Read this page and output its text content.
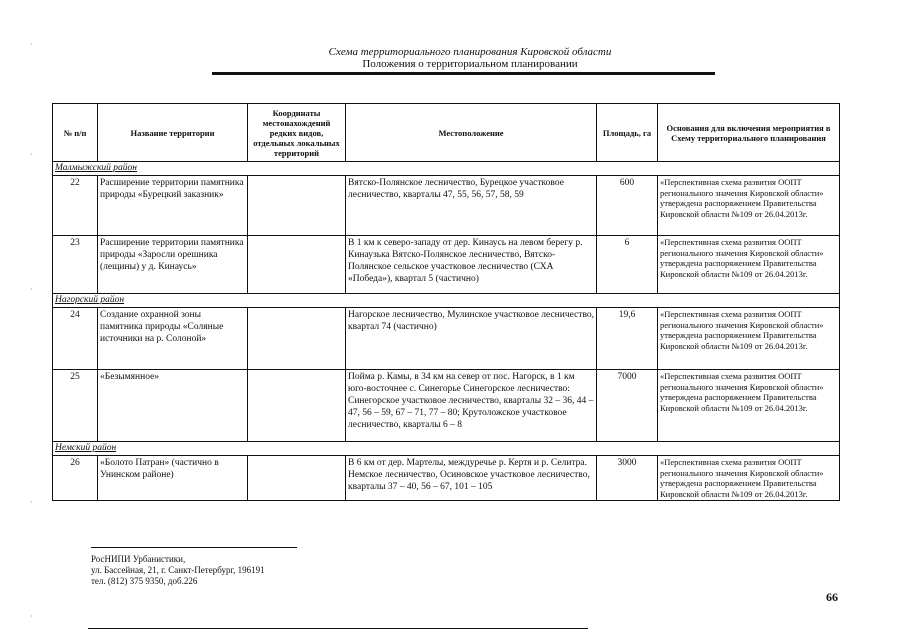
Схема территориального планирования Кировской области
Положения о территориальном планировании
·
·
·
·
·
№ п/п	Название территории	Координаты местонахождений редких видов, отдельных локальных территорий	Местоположение	Площадь, га	Основания для включения мероприятия в Схему территориального планирования
Малмыжский район					
22	Расширение территории памятника природы «Бурецкий заказник»		Вятско-Полянское лесничество, Бурецкое участковое лесничество, кварталы 47, 55, 56, 57, 58, 59	600	«Перспективная схема развития ООПТ регионального значения Кировской области» утверждена распоряжением Правительства Кировской области №109 от 26.04.2013г.
23	Расширение территории памятника природы «Заросли орешника (лещины) у д. Кинаусь»		В 1 км к северо-западу от дер. Кинаусь на левом берегу р. Кинаузька Вятско-Полянское лесничество, Вятско-Полянское сельское участковое лесничество (СХА «Победа»), квартал 5 (частично)	6	«Перспективная схема развития ООПТ регионального значения Кировской области» утверждена распоряжением Правительства Кировской области №109 от 26.04.2013г.
Нагорский район					
24	Создание охранной зоны памятника природы «Соляные источники на р. Солоной»		Нагорское лесничество, Мулинское участковое лесничество, квартал 74 (частично)	19,6	«Перспективная схема развития ООПТ регионального значения Кировской области» утверждена распоряжением Правительства Кировской области №109 от 26.04.2013г.
25	«Безымянное»		Пойма р. Камы, в 34 км на север от пос. Нагорск, в 1 км юго-восточнее с. Синегорье Синегорское лесничество: Синегорское участковое лесничество, кварталы 32 – 36, 44 – 47, 56 – 59, 67 – 71, 77 – 80; Крутоложское участковое лесничество, кварталы 6 – 8	7000	«Перспективная схема развития ООПТ регионального значения Кировской области» утверждена распоряжением Правительства Кировской области №109 от 26.04.2013г.
Немский район					
26	«Болото Патран» (частично в Унинском районе)		В 6 км от дер. Мартелы, междуречье р. Кертя и р. Селитра. Немское лесничество, Осиновское участковое лесничество, кварталы 37 – 40, 56 – 67, 101 – 105	3000	«Перспективная схема развития ООПТ регионального значения Кировской области» утверждена распоряжением Правительства Кировской области №109 от 26.04.2013г.
РосНИПИ Урбанистики,
ул. Бассейная, 21, г. Санкт-Петербург, 196191
тел. (812) 375 9350, доб.226
66
